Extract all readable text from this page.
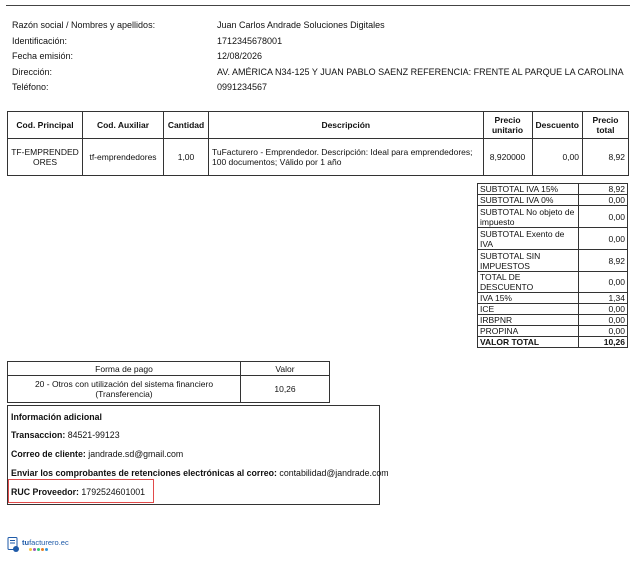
Razón social / Nombres y apellidos:	Juan Carlos Andrade Soluciones Digitales
Identificación:	1712345678001
Fecha emisión:	12/08/2026
Dirección:	AV. AMÉRICA N34-125 Y JUAN PABLO SAENZ REFERENCIA: FRENTE AL PARQUE LA CAROLINA
Teléfono:	0991234567
Cod. Principal	Cod. Auxiliar	Cantidad	Descripción	Precio unitario	Descuento	Precio total
TF-EMPRENDEDORES	tf-emprendedores	1,00	TuFacturero - Emprendedor. Descripción: Ideal para emprendedores; 100 documentos; Válido por 1 año	8,920000	0,00	8,92
SUBTOTAL IVA 15%	8,92
SUBTOTAL IVA 0%	0,00
SUBTOTAL No objeto de impuesto	0,00
SUBTOTAL Exento de IVA	0,00
SUBTOTAL SIN IMPUESTOS	8,92
TOTAL DE DESCUENTO	0,00
IVA 15%	1,34
ICE	0,00
IRBPNR	0,00
PROPINA	0,00
VALOR TOTAL	10,26
Forma de pago	Valor
20 - Otros con utilización del sistema financiero (Transferencia)	10,26
Información adicional
Transaccion: 84521-99123
Correo de cliente: jandrade.sd@gmail.com
Enviar los comprobantes de retenciones electrónicas al correo: contabilidad@jandrade.com
RUC Proveedor: 1792524601001
tufacturero.ec
